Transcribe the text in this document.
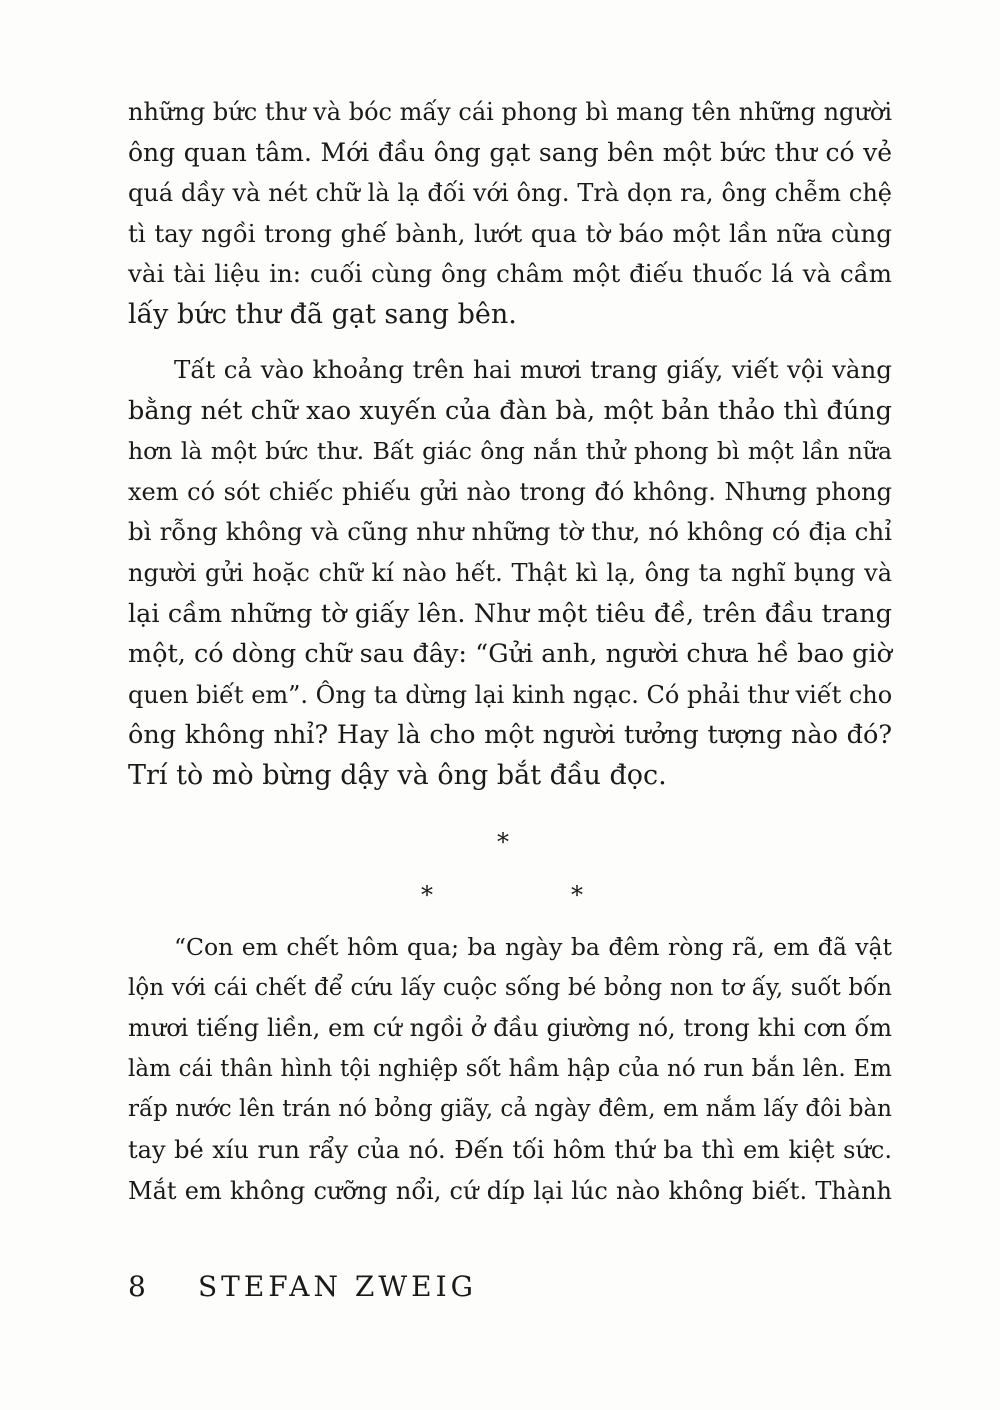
những bức thư và bóc mấy cái phong bì mang tên những người
ông quan tâm. Mới đầu ông gạt sang bên một bức thư có vẻ
quá dầy và nét chữ là lạ đối với ông. Trà dọn ra, ông chễm chệ
tì tay ngồi trong ghế bành, lướt qua tờ báo một lần nữa cùng
vài tài liệu in: cuối cùng ông châm một điếu thuốc lá và cầm
lấy bức thư đã gạt sang bên.

Tất cả vào khoảng trên hai mươi trang giấy, viết vội vàng
bằng nét chữ xao xuyến của đàn bà, một bản thảo thì đúng
hơn là một bức thư. Bất giác ông nắn thử phong bì một lần nữa
xem có sót chiếc phiếu gửi nào trong đó không. Nhưng phong
bì rỗng không và cũng như những tờ thư, nó không có địa chỉ
người gửi hoặc chữ kí nào hết. Thật kì lạ, ông ta nghĩ bụng và
lại cầm những tờ giấy lên. Như một tiêu đề, trên đầu trang
một, có dòng chữ sau đây: “Gửi anh, người chưa hề bao giờ
quen biết em”. Ông ta dừng lại kinh ngạc. Có phải thư viết cho
ông không nhỉ? Hay là cho một người tưởng tượng nào đó?
Trí tò mò bừng dậy và ông bắt đầu đọc.

*
*	*

“Con em chết hôm qua; ba ngày ba đêm ròng rã, em đã vật
lộn với cái chết để cứu lấy cuộc sống bé bỏng non tơ ấy, suốt bốn
mươi tiếng liền, em cứ ngồi ở đầu giường nó, trong khi cơn ốm
làm cái thân hình tội nghiệp sốt hầm hập của nó run bắn lên. Em
rấp nước lên trán nó bỏng giãy, cả ngày đêm, em nắm lấy đôi bàn
tay bé xíu run rẩy của nó. Đến tối hôm thứ ba thì em kiệt sức.
Mắt em không cưỡng nổi, cứ díp lại lúc nào không biết. Thành

8	STEFAN ZWEIG
